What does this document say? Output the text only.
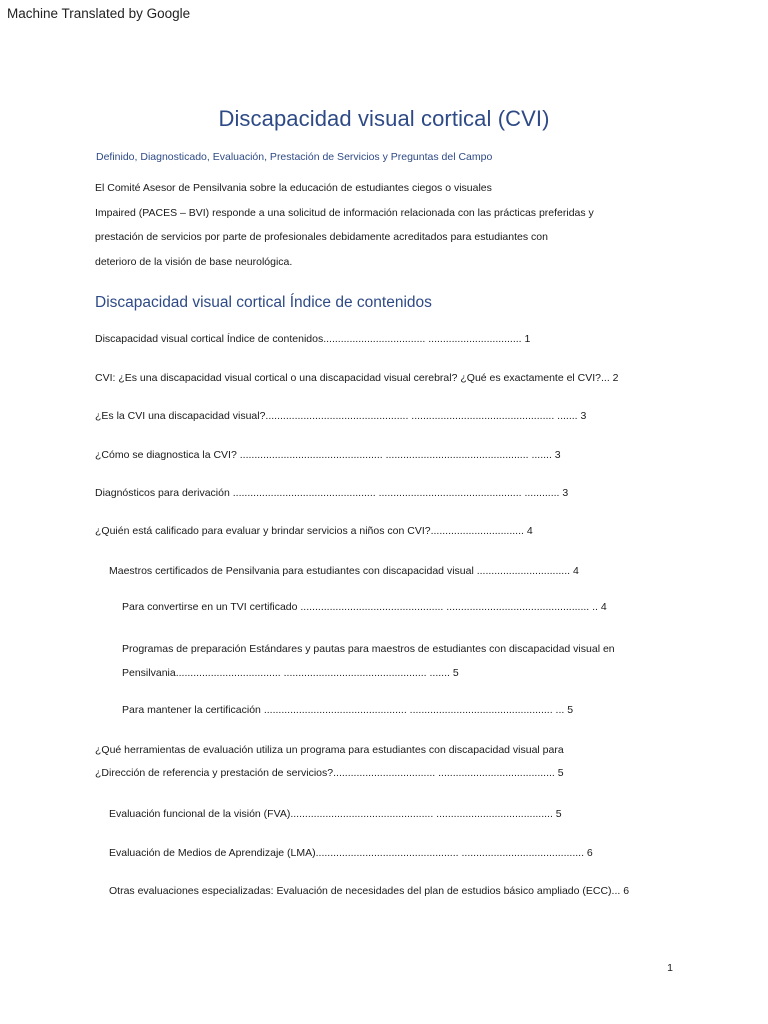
Machine Translated by Google
Discapacidad visual cortical (CVI)
Definido, Diagnosticado, Evaluación, Prestación de Servicios y Preguntas del Campo
El Comité Asesor de Pensilvania sobre la educación de estudiantes ciegos o visuales
Impaired (PACES – BVI) responde a una solicitud de información relacionada con las prácticas preferidas y
prestación de servicios por parte de profesionales debidamente acreditados para estudiantes con
deterioro de la visión de base neurológica.
Discapacidad visual cortical Índice de contenidos
Discapacidad visual cortical Índice de contenidos................................... ................................ 1
CVI: ¿Es una discapacidad visual cortical o una discapacidad visual cerebral? ¿Qué es exactamente el CVI?... 2
¿Es la CVI una discapacidad visual?................................................. ................................................. ....... 3
¿Cómo se diagnostica la CVI? ................................................. ................................................. ....... 3
Diagnósticos para derivación ................................................. ................................................. ............ 3
¿Quién está calificado para evaluar y brindar servicios a niños con CVI?................................ 4
Maestros certificados de Pensilvania para estudiantes con discapacidad visual ................................ 4
Para convertirse en un TVI certificado ................................................. ................................................. .. 4
Programas de preparación Estándares y pautas para maestros de estudiantes con discapacidad visual en
Pensilvania.................................... ................................................. ....... 5
Para mantener la certificación ................................................. ................................................. ... 5
¿Qué herramientas de evaluación utiliza un programa para estudiantes con discapacidad visual para
¿Dirección de referencia y prestación de servicios?................................... ........................................ 5
Evaluación funcional de la visión (FVA)................................................. ........................................ 5
Evaluación de Medios de Aprendizaje (LMA)................................................. .......................................... 6
Otras evaluaciones especializadas: Evaluación de necesidades del plan de estudios básico ampliado (ECC)... 6
1
